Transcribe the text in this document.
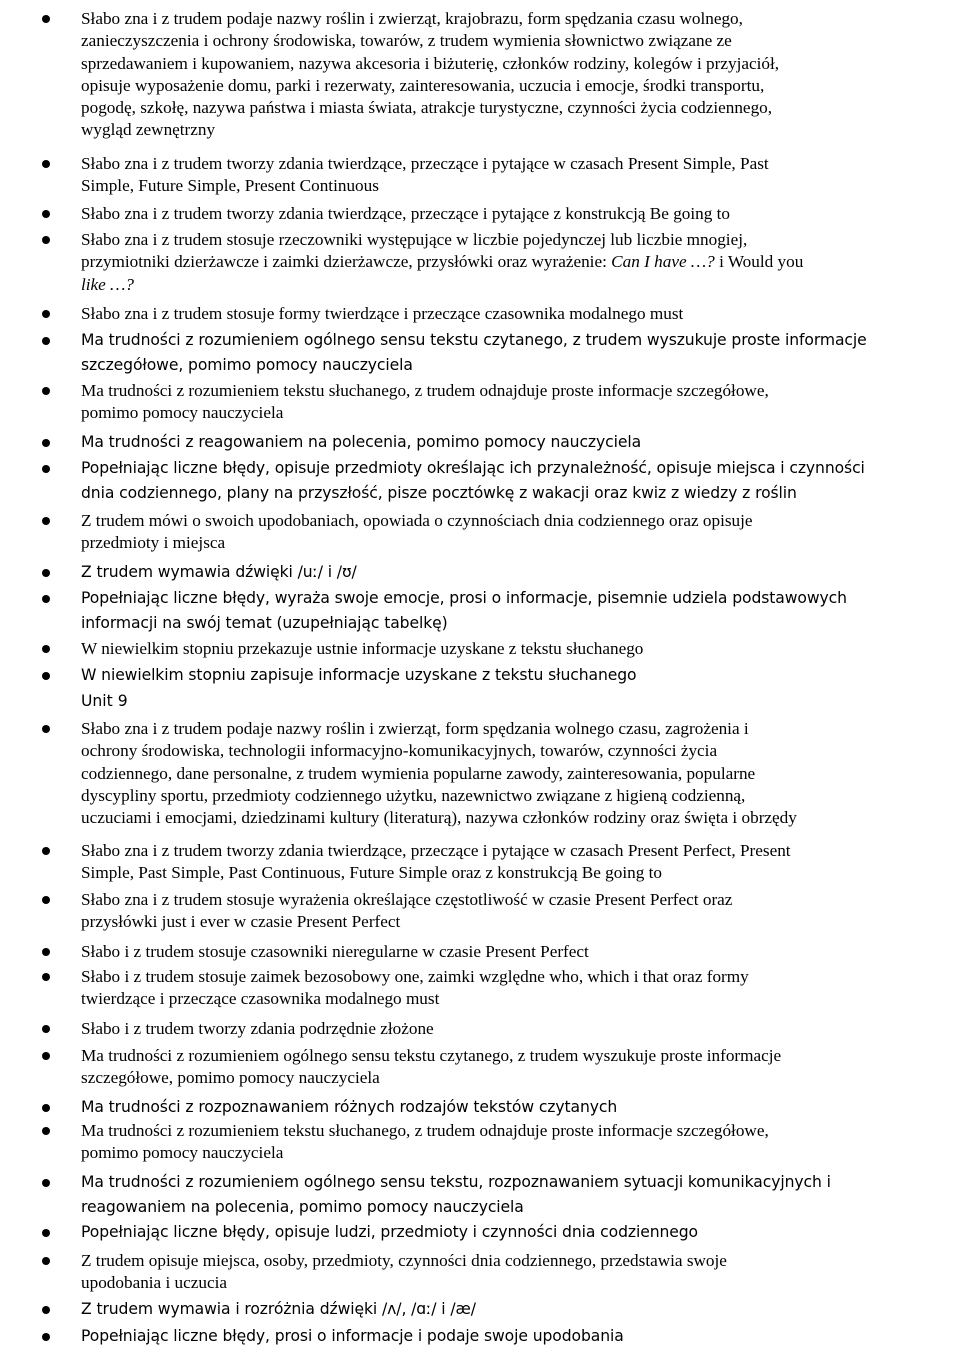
Słabo zna i z trudem podaje nazwy roślin i zwierząt, krajobrazu, form spędzania czasu wolnego,
zanieczyszczenia i ochrony środowiska, towarów, z trudem wymienia słownictwo związane ze
sprzedawaniem i kupowaniem, nazywa akcesoria i biżuterię, członków rodziny, kolegów i przyjaciół,
opisuje wyposażenie domu, parki i rezerwaty, zainteresowania, uczucia i emocje, środki transportu,
pogodę, szkołę, nazywa państwa i miasta świata, atrakcje turystyczne, czynności życia codziennego,
wygląd zewnętrzny
Słabo zna i z trudem tworzy zdania twierdzące, przeczące i pytające w czasach Present Simple, Past
Simple, Future Simple, Present Continuous
Słabo zna i z trudem tworzy zdania twierdzące, przeczące i pytające z konstrukcją Be going to
Słabo zna i z trudem stosuje rzeczowniki występujące w liczbie pojedynczej lub liczbie mnogiej,
przymiotniki dzierżawcze i zaimki dzierżawcze, przysłówki oraz wyrażenie: Can I have …? i Would you
like …?
Słabo zna i z trudem stosuje formy twierdzące i przeczące czasownika modalnego must
Ma trudności z rozumieniem ogólnego sensu tekstu czytanego, z trudem wyszukuje proste informacje
szczegółowe, pomimo pomocy nauczyciela
Ma trudności z rozumieniem tekstu słuchanego, z trudem odnajduje proste informacje szczegółowe,
pomimo pomocy nauczyciela
Ma trudności z reagowaniem na polecenia, pomimo pomocy nauczyciela
Popełniając liczne błędy, opisuje przedmioty określając ich przynależność, opisuje miejsca i czynności
dnia codziennego, plany na przyszłość, pisze pocztówkę z wakacji oraz kwiz z wiedzy z roślin
Z trudem mówi o swoich upodobaniach, opowiada o czynnościach dnia codziennego oraz opisuje
przedmioty i miejsca
Z trudem wymawia dźwięki /uː/ i /ʊ/
Popełniając liczne błędy, wyraża swoje emocje, prosi o informacje, pisemnie udziela podstawowych
informacji na swój temat (uzupełniając tabelkę)
W niewielkim stopniu przekazuje ustnie informacje uzyskane z tekstu słuchanego
W niewielkim stopniu zapisuje informacje uzyskane z tekstu słuchanego
Unit 9
Słabo zna i z trudem podaje nazwy roślin i zwierząt, form spędzania wolnego czasu, zagrożenia i
ochrony środowiska, technologii informacyjno-komunikacyjnych, towarów, czynności życia
codziennego, dane personalne, z trudem wymienia popularne zawody, zainteresowania, popularne
dyscypliny sportu, przedmioty codziennego użytku, nazewnictwo związane z higieną codzienną,
uczuciami i emocjami, dziedzinami kultury (literaturą), nazywa członków rodziny oraz święta i obrzędy
Słabo zna i z trudem tworzy zdania twierdzące, przeczące i pytające w czasach Present Perfect, Present
Simple, Past Simple, Past Continuous, Future Simple oraz z konstrukcją Be going to
Słabo zna i z trudem stosuje wyrażenia określające częstotliwość w czasie Present Perfect oraz
przysłówki just i ever w czasie Present Perfect
Słabo i z trudem stosuje czasowniki nieregularne w czasie Present Perfect
Słabo i z trudem stosuje zaimek bezosobowy one, zaimki względne who, which i that oraz formy
twierdzące i przeczące czasownika modalnego must
Słabo i z trudem tworzy zdania podrzędnie złożone
Ma trudności z rozumieniem ogólnego sensu tekstu czytanego, z trudem wyszukuje proste informacje
szczegółowe, pomimo pomocy nauczyciela
Ma trudności z rozpoznawaniem różnych rodzajów tekstów czytanych
Ma trudności z rozumieniem tekstu słuchanego, z trudem odnajduje proste informacje szczegółowe,
pomimo pomocy nauczyciela
Ma trudności z rozumieniem ogólnego sensu tekstu, rozpoznawaniem sytuacji komunikacyjnych i
reagowaniem na polecenia, pomimo pomocy nauczyciela
Popełniając liczne błędy, opisuje ludzi, przedmioty i czynności dnia codziennego
Z trudem opisuje miejsca, osoby, przedmioty, czynności dnia codziennego, przedstawia swoje
upodobania i uczucia
Z trudem wymawia i rozróżnia dźwięki /ʌ/, /ɑː/ i /æ/
Popełniając liczne błędy, prosi o informacje i podaje swoje upodobania
